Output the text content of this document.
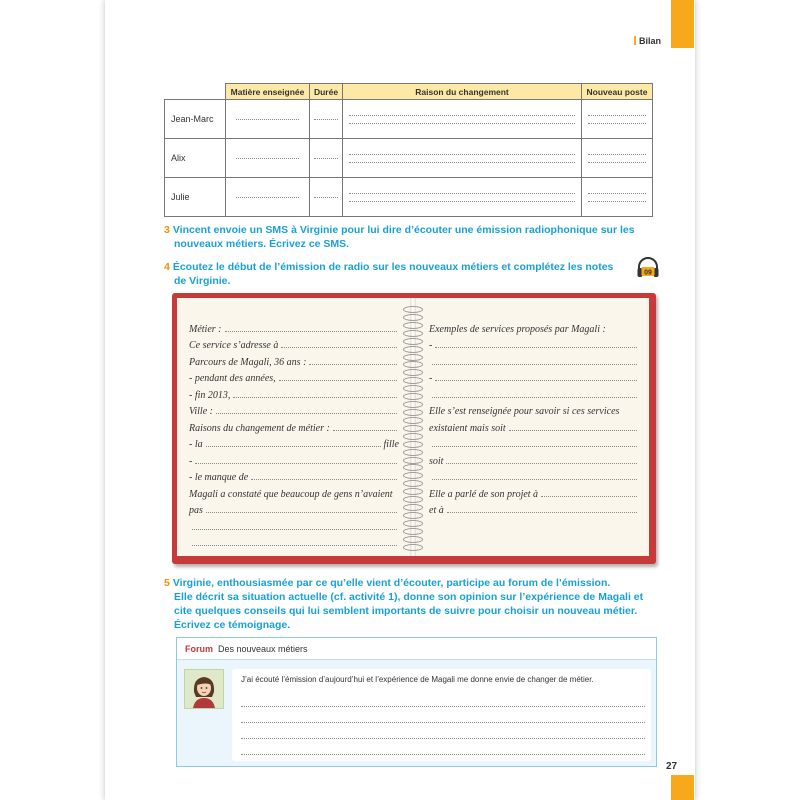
Bilan
27
	Matière enseignée	Durée	Raison du changement	Nouveau poste
Jean-Marc	

Alix	

Julie	

3 Vincent envoie un SMS à Virginie pour lui dire d’écouter une émission radiophonique sur les
nouveaux métiers. Écrivez ce SMS.
4 Écoutez le début de l’émission de radio sur les nouveaux métiers et complétez les notes
de Virginie.
09
Métier :
Ce service s’adresse à
Parcours de Magali, 36 ans :
- pendant des années,
- fin 2013,
Ville :
Raisons du changement de métier :
- la	fille
-
- le manque de
Magali a constaté que beaucoup de gens n’avaient
pas
Exemples de services proposés par Magali :
-
-
Elle s’est renseignée pour savoir si ces services
existaient mais soit
soit
Elle a parlé de son projet à
et à
5 Virginie, enthousiasmée par ce qu’elle vient d’écouter, participe au forum de l’émission.
Elle décrit sa situation actuelle (cf. activité 1), donne son opinion sur l’expérience de Magali et
cite quelques conseils qui lui semblent importants de suivre pour choisir un nouveau métier.
Écrivez ce témoignage.
Forum Des nouveaux métiers
J’ai écouté l’émission d’aujourd’hui et l’expérience de Magali me donne envie de changer de métier.
